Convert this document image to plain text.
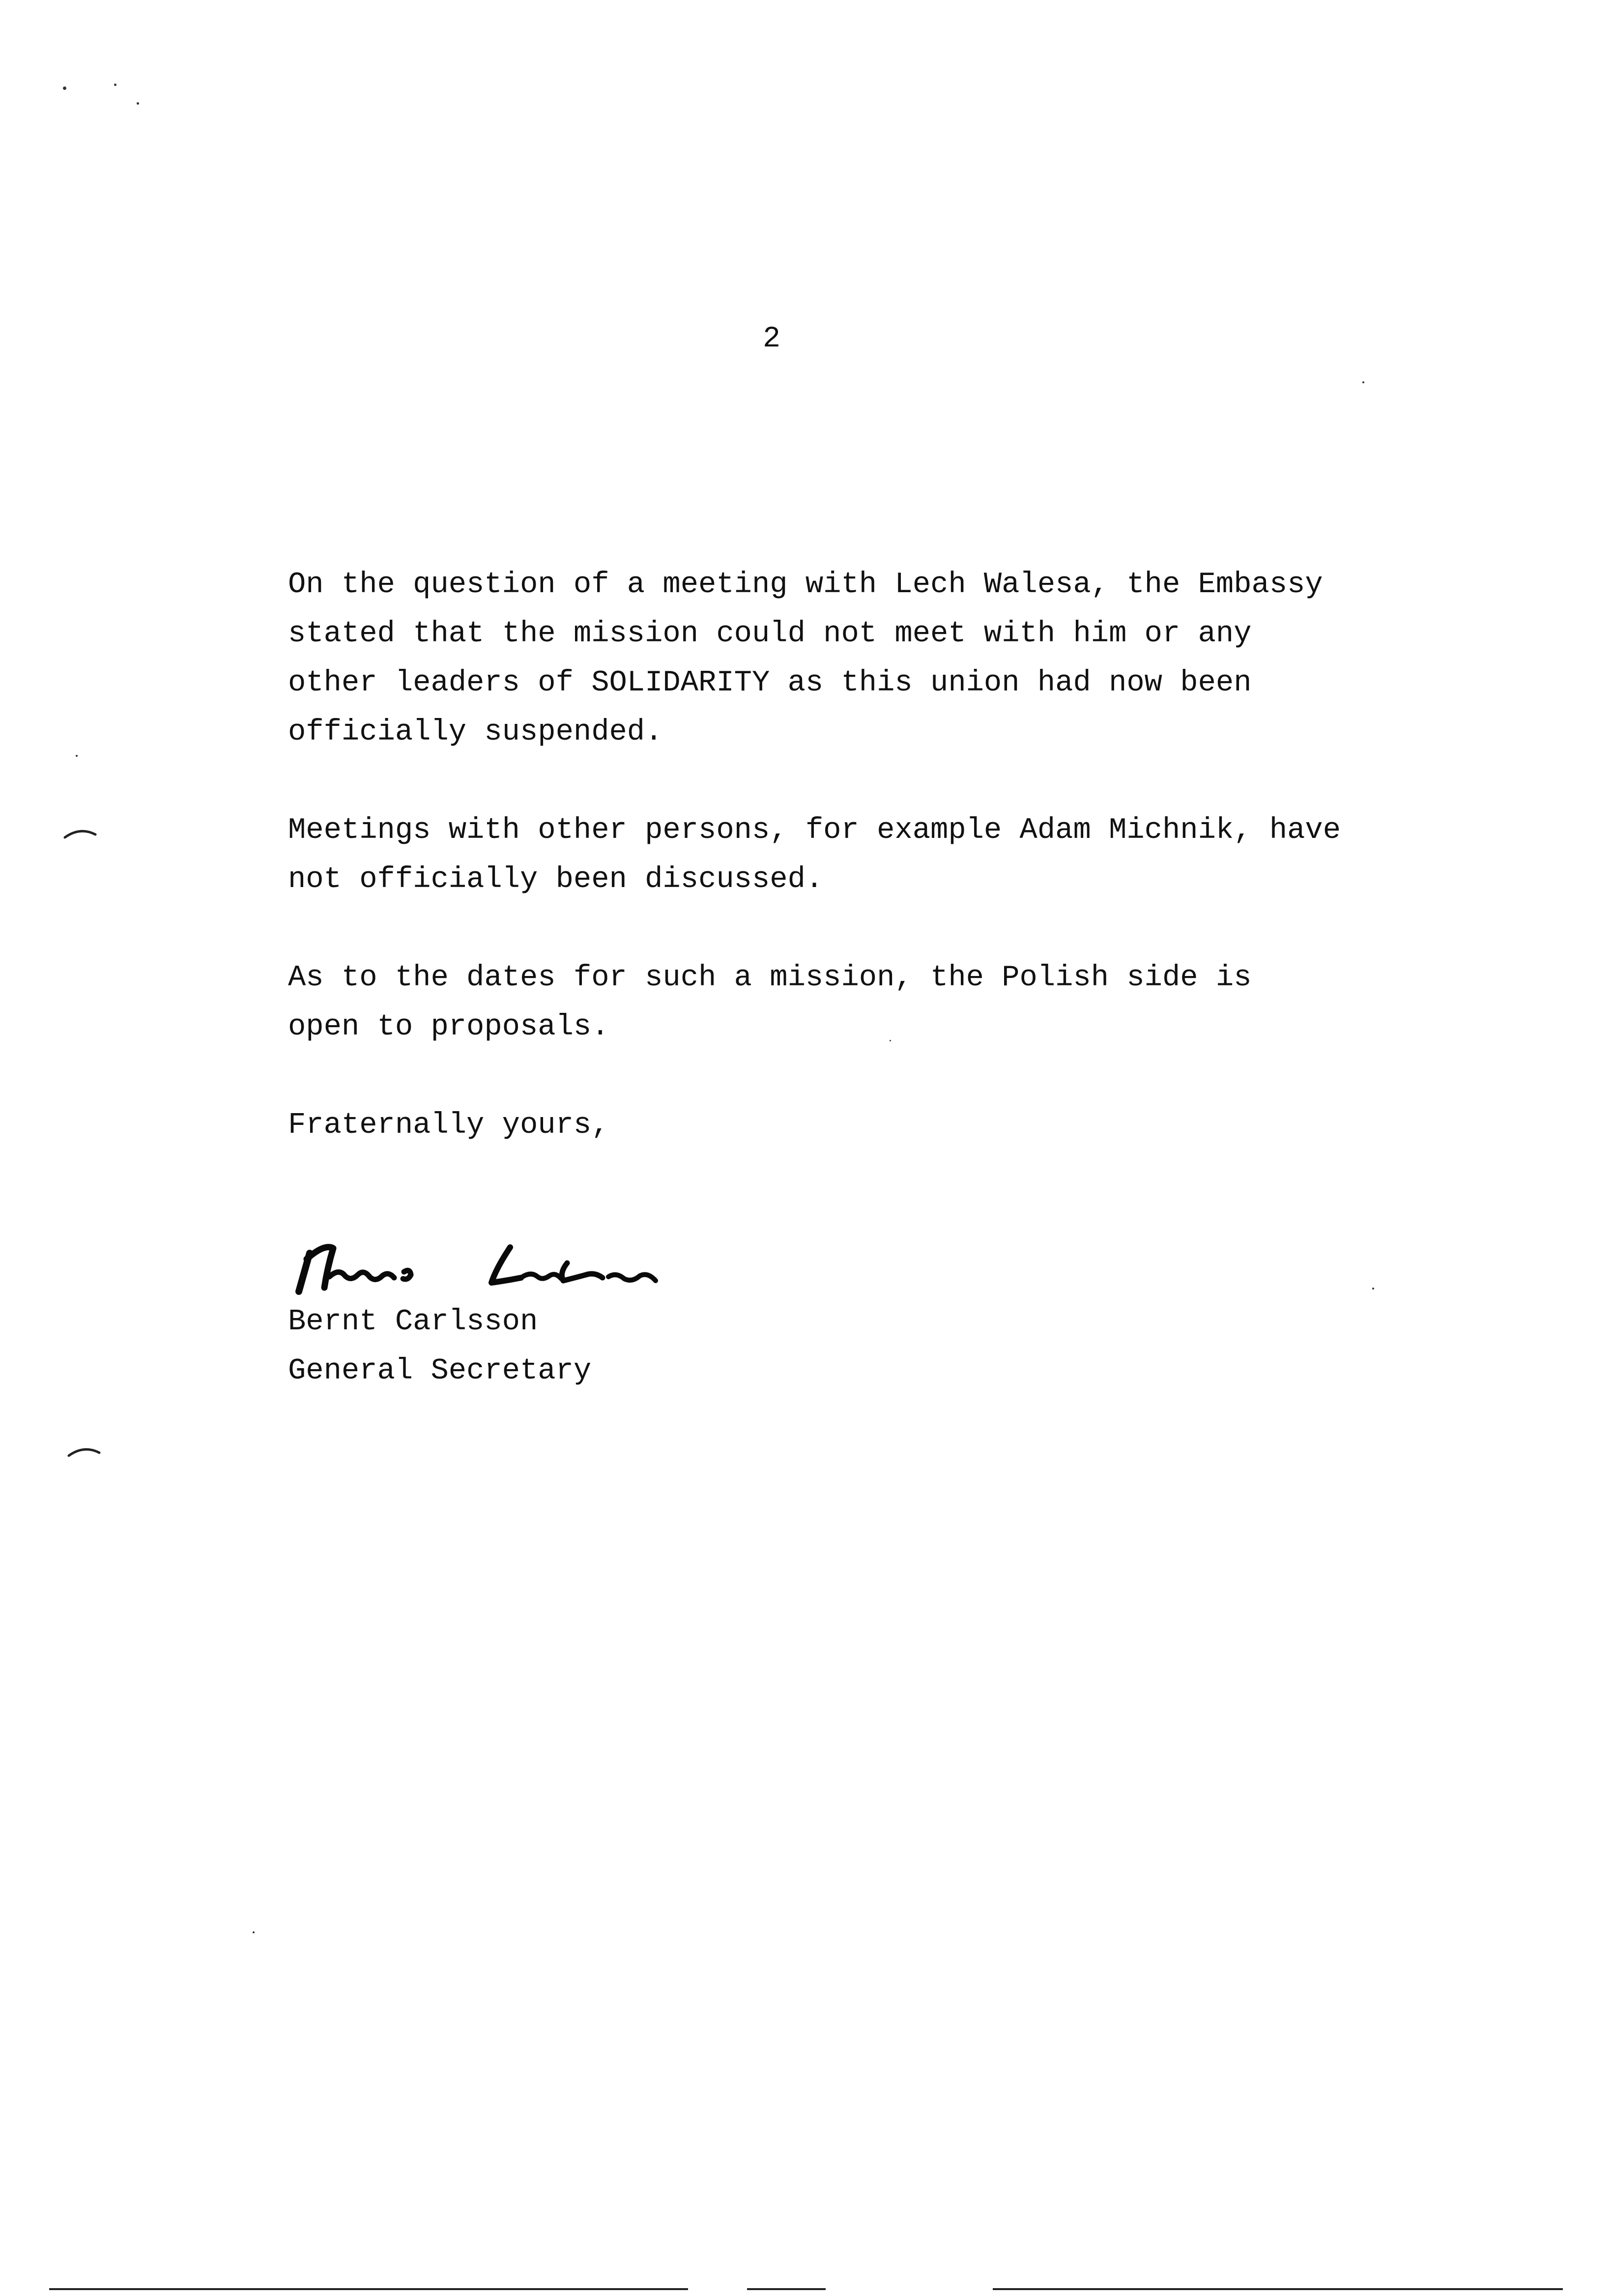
2
On the question of a meeting with Lech Walesa, the Embassy
stated that the mission could not meet with him or any
other leaders of SOLIDARITY as this union had now been
officially suspended.
Meetings with other persons, for example Adam Michnik, have
not officially been discussed.
As to the dates for such a mission, the Polish side is
open to proposals.
Fraternally yours,
Bernt Carlsson
General Secretary
